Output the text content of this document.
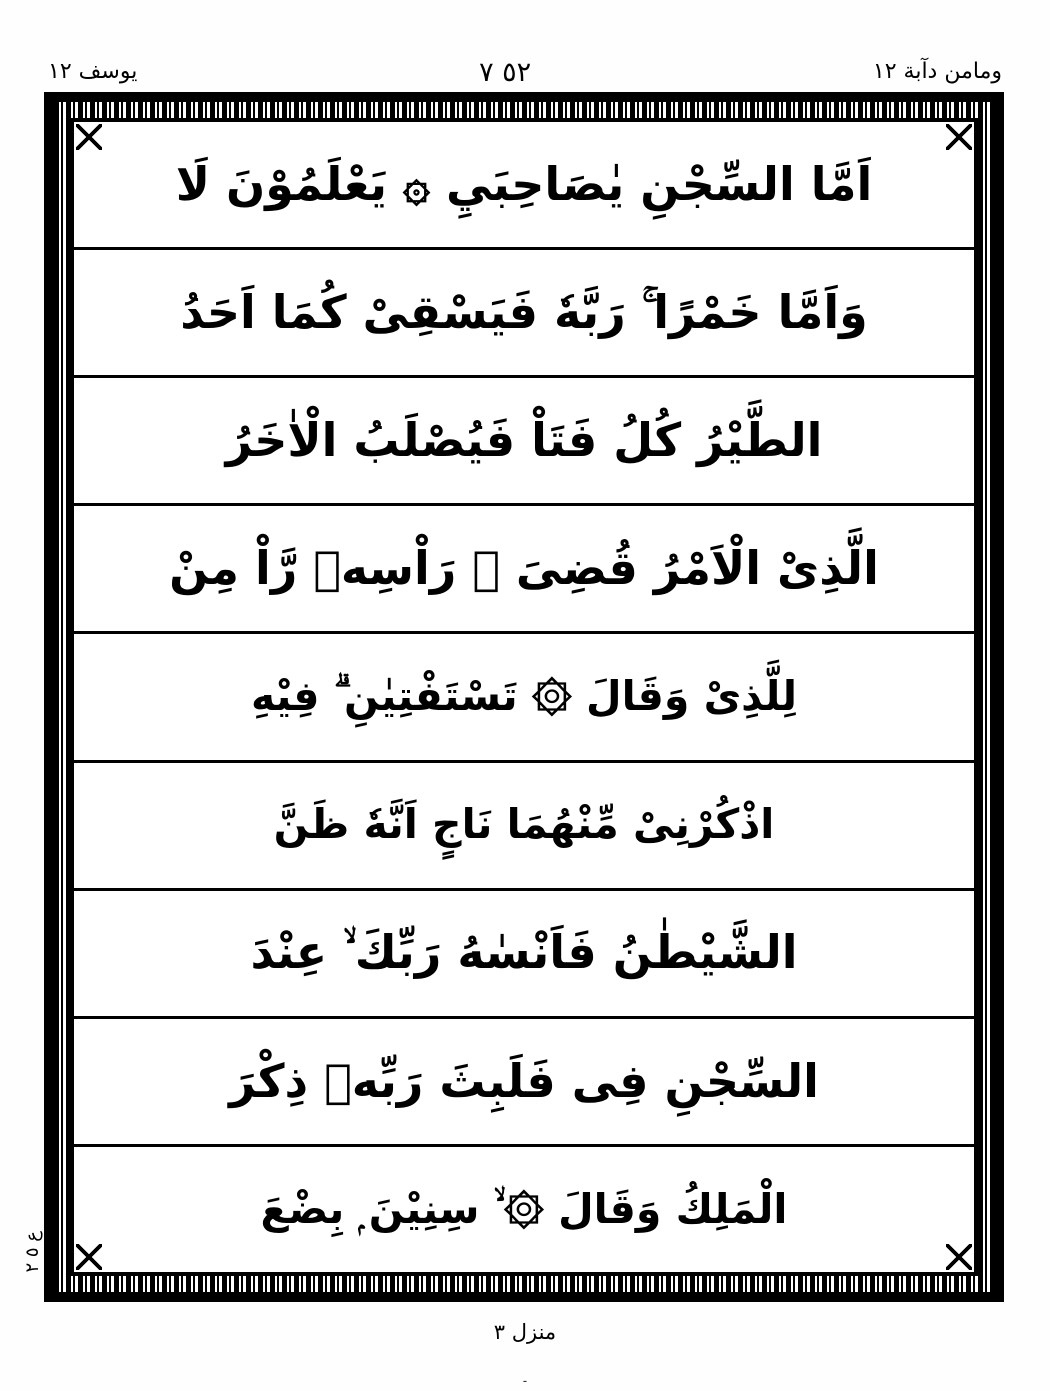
ومامن دآبة ١٢
٥٢ ٧
يوسف ١٢
اَمَّا السِّجْنِ يٰصَاحِبَيِ ۞ يَعْلَمُوْنَ لَا
وَاَمَّا خَمْرًا ۚ رَبَّهٗ فَيَسْقِىْ كُمَا اَحَدُ
الطَّيْرُ كُلُ فَتَاْ فَيُصْلَبُ الْاٰخَرُ
الَّذِىْ الْاَمْرُ قُضِىَ ۗ رَاْسِهٖ رَّاْ مِنْ
لِلَّذِىْ وَقَالَ ۞ تَسْتَفْتِيٰنِ ۗ فِيْهِ
اذْكُرْنِىْ مِّنْهُمَا نَاجٍ اَنَّهٗ ظَنَّ
الشَّيْطٰنُ فَاَنْسٰهُ رَبِّكَ ۙ عِنْدَ
السِّجْنِ فِى فَلَبِثَ رَبِّهٖ ذِكْرَ
الْمَلِكُ وَقَالَ ۞ ۙ سِنِيْنَ ۭ بِضْعَ
ع ٥ ٢
منزل ٣
۔
